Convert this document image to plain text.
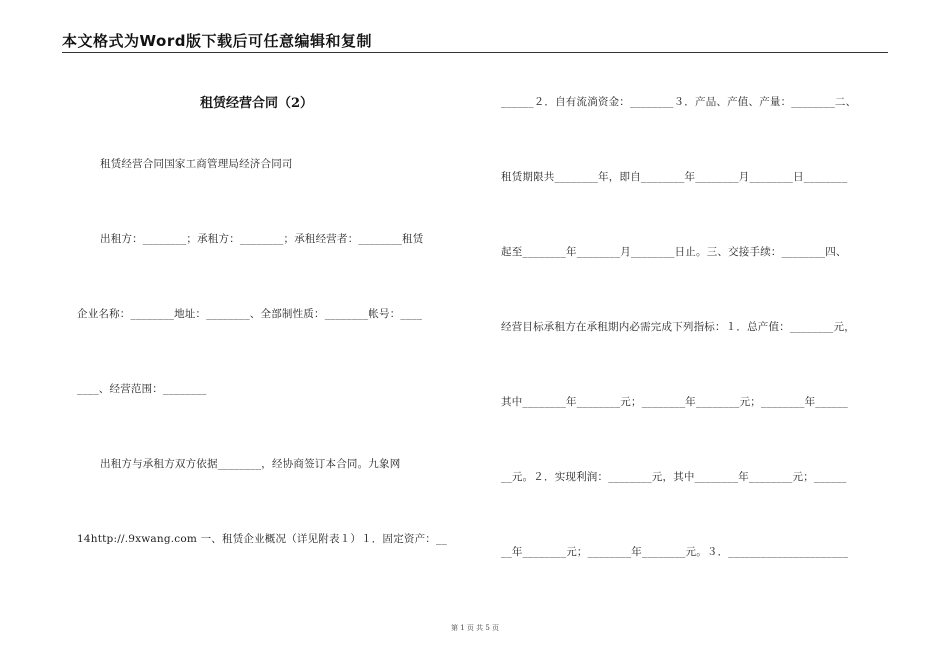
本文格式为Word版下载后可任意编辑和复制
租赁经营合同（2）
租赁经营合同国家工商管理局经济合同司
出租方：________；承租方：________；承租经营者：________租赁
企业名称：________地址：________、全部制性质：________帐号：____
____、经营范围：________
出租方与承租方双方依据________，经协商签订本合同。九象网
14http://.9xwang.com 一、租赁企业概况（详见附表１）１．固定资产：__
______２．自有流淌资金：________３．产品、产值、产量：________二、
租赁期限共________年，即自________年________月________日________
起至________年________月________日止。三、交接手续：________四、
经营目标承租方在承租期内必需完成下列指标：１．总产值：________元，
其中________年________元；________年________元；________年______
__元。２．实现利润：________元，其中________年________元；______
__年________元；________年________元。３．______________________
第 1 页 共 5 页
